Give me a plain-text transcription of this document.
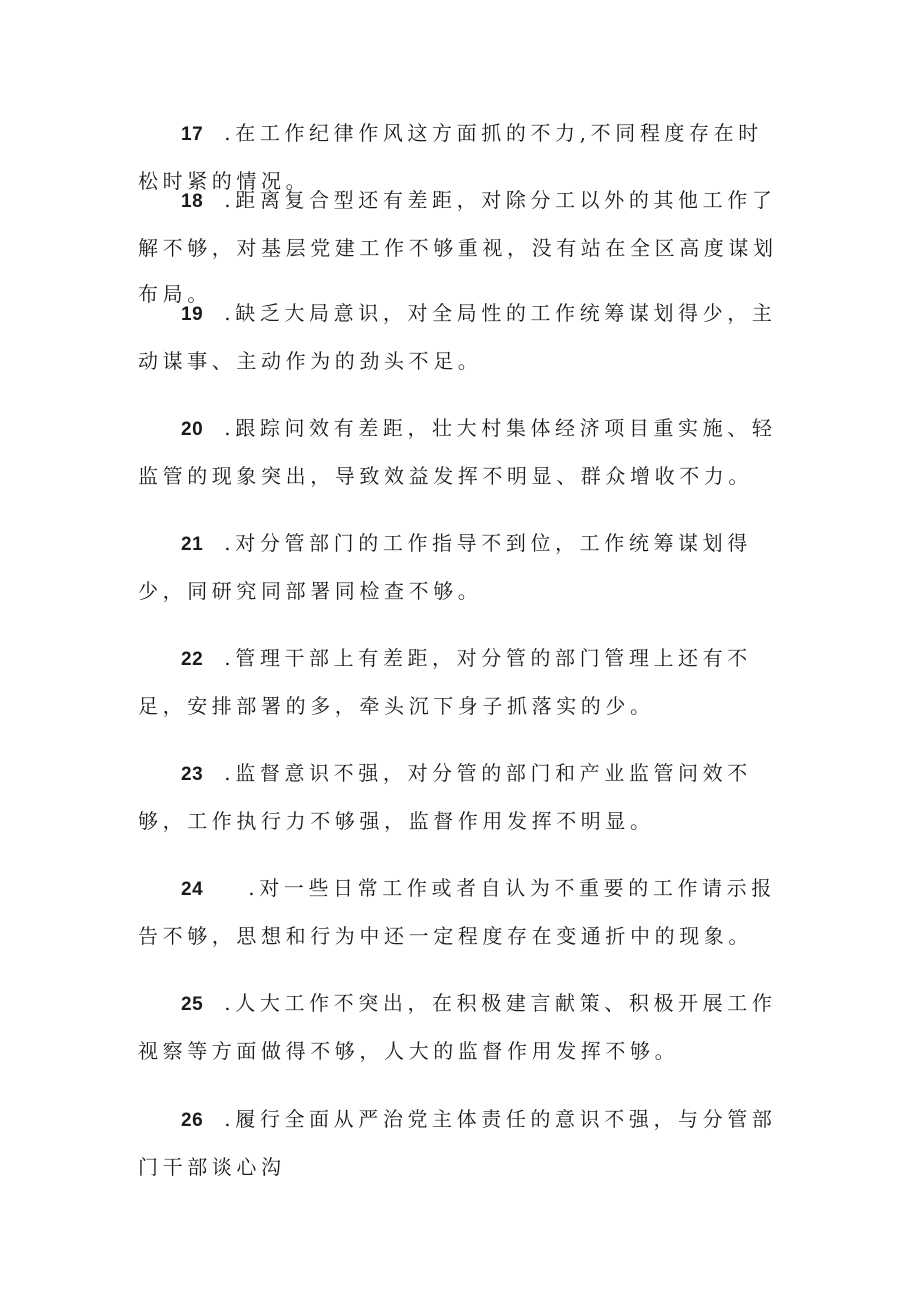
17 .在工作纪律作风这方面抓的不力,不同程度存在时松时紧的情况。

18 .距离复合型还有差距，对除分工以外的其他工作了解不够，对基层党建工作不够重视，没有站在全区高度谋划布局。

19 .缺乏大局意识，对全局性的工作统筹谋划得少，主动谋事、主动作为的劲头不足。

20 .跟踪问效有差距，壮大村集体经济项目重实施、轻监管的现象突出，导致效益发挥不明显、群众增收不力。

21 .对分管部门的工作指导不到位，工作统筹谋划得少，同研究同部署同检查不够。

22 .管理干部上有差距，对分管的部门管理上还有不足，安排部署的多，牵头沉下身子抓落实的少。

23 .监督意识不强，对分管的部门和产业监管问效不够，工作执行力不够强，监督作用发挥不明显。

24 .对一些日常工作或者自认为不重要的工作请示报告不够，思想和行为中还一定程度存在变通折中的现象。

25 .人大工作不突出，在积极建言献策、积极开展工作视察等方面做得不够，人大的监督作用发挥不够。

26 .履行全面从严治党主体责任的意识不强，与分管部门干部谈心沟
